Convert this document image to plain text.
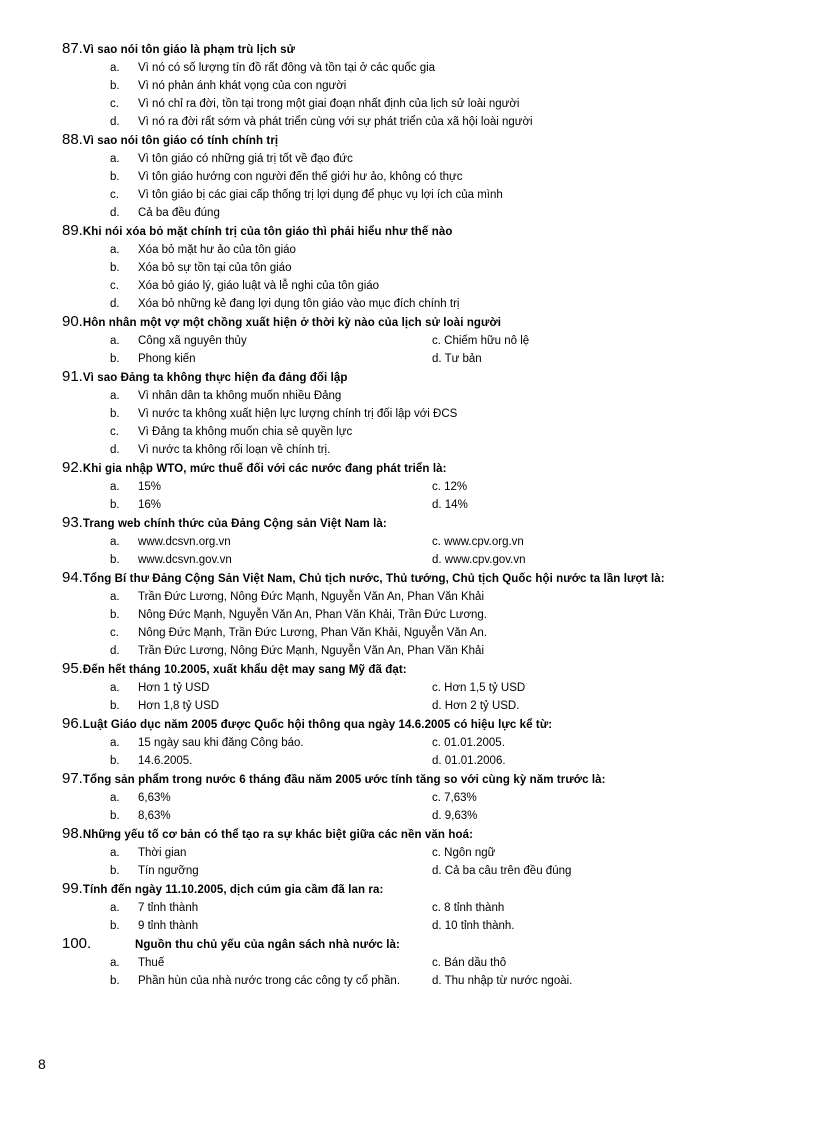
87. Vì sao nói tôn giáo là phạm trù lịch sử
a.	Vì nó có số lượng tín đồ rất đông và tồn tại ở các quốc gia
b.	Vì nó phản ánh khát vọng của con người
c.	Vì nó chỉ ra đời, tồn tại trong một giai đoạn nhất định của lịch sử loài người
d.	Vì nó ra đời rất sớm và phát triển cùng với sự phát triển của xã hội loài người
88. Vì sao nói tôn giáo có tính chính trị
a.	Vì tôn giáo có những giá trị tốt về đạo đức
b.	Vì tôn giáo hướng con người đến thế giới hư ảo, không có thực
c.	Vì tôn giáo bị các giai cấp thống trị lợi dụng để phục vụ lợi ích của mình
d.	Cả ba đều đúng
89. Khi nói xóa bỏ mặt chính trị của tôn giáo thì phải hiểu như thế nào
a.	Xóa bỏ mặt hư ảo của tôn giáo
b.	Xóa bỏ sự tồn tại của tôn giáo
c.	Xóa bỏ giáo lý, giáo luật và lễ nghi của tôn giáo
d.	Xóa bỏ những kẻ đang lợi dụng tôn giáo vào mục đích chính trị
90. Hôn nhân một vợ một chồng xuất hiện ở thời kỳ nào của lịch sử loài người
a.	Công xã nguyên thủy	c. Chiếm hữu nô lệ
b.	Phong kiến	d. Tư bản
91. Vì sao Đảng ta không thực hiện đa đảng đối lập
a.	Vì nhân dân ta không muốn nhiều Đảng
b.	Vì nước ta không xuất hiện lực lượng chính trị đối lập với ĐCS
c.	Vì Đảng ta không muốn chia sẻ quyền lực
d.	Vì nước ta không rối loạn về chính trị.
92. Khi gia nhập WTO, mức thuế đối với các nước đang phát triển là:
a.	15%	c. 12%
b.	16%	d. 14%
93. Trang web chính thức của Đảng Cộng sản Việt Nam là:
a.	www.dcsvn.org.vn	c. www.cpv.org.vn
b.	www.dcsvn.gov.vn	d. www.cpv.gov.vn
94. Tổng Bí thư Đảng Cộng Sản Việt Nam, Chủ tịch nước, Thủ tướng, Chủ tịch Quốc hội nước ta lần lượt là:
a.	Trần Đức Lương, Nông Đức Mạnh, Nguyễn Văn An, Phan Văn Khải
b.	Nông Đức Mạnh, Nguyễn Văn An, Phan Văn Khải, Trần Đức Lương.
c.	Nông Đức Mạnh, Trần Đức Lương, Phan Văn Khải, Nguyễn Văn An.
d.	Trần Đức Lương, Nông Đức Mạnh, Nguyễn Văn An, Phan Văn Khải
95. Đến hết tháng 10.2005, xuất khẩu dệt may sang Mỹ đã đạt:
a.	Hơn 1 tỷ USD	c. Hơn 1,5 tỷ USD
b.	Hơn 1,8 tỷ USD	d. Hơn 2 tỷ USD.
96. Luật Giáo dục năm 2005 được Quốc hội thông qua ngày 14.6.2005 có hiệu lực kể từ:
a.	15 ngày sau khi đăng Công báo.	c. 01.01.2005.
b.	14.6.2005.	d. 01.01.2006.
97. Tổng sản phẩm trong nước 6 tháng đầu năm 2005 ước tính tăng so với cùng kỳ năm trước là:
a.	6,63%	c. 7,63%
b.	8,63%	d. 9,63%
98. Những yếu tố cơ bản có thể tạo ra sự khác biệt giữa các nền văn hoá:
a.	Thời gian	c. Ngôn ngữ
b.	Tín ngưỡng	d. Cả ba câu trên đều đúng
99. Tính đến ngày 11.10.2005, dịch cúm gia cầm đã lan ra:
a.	7 tỉnh thành	c. 8 tỉnh thành
b.	9 tỉnh thành	d. 10 tỉnh thành.
100.	Nguồn thu chủ yếu của ngân sách nhà nước là:
a.	Thuế	c. Bán dầu thô
b.	Phần hùn của nhà nước trong các công ty cổ phần.	d. Thu nhập từ nước ngoài.
8
